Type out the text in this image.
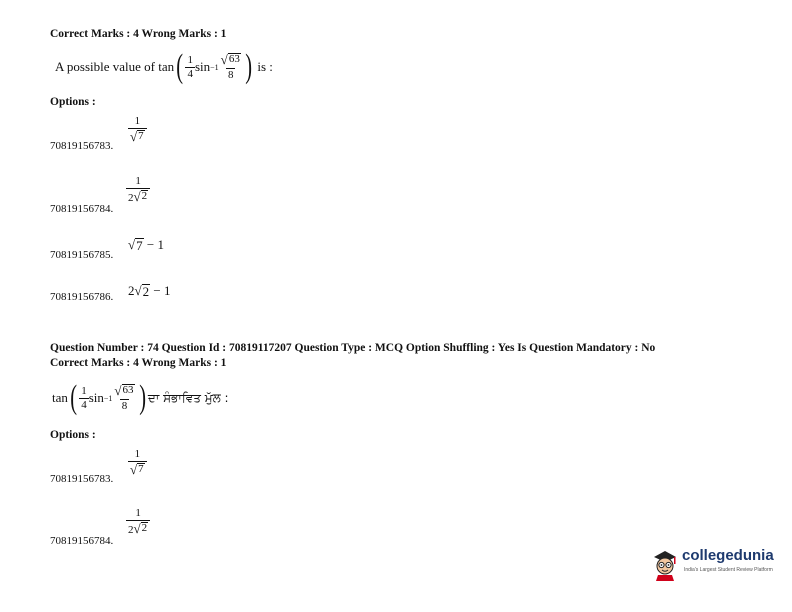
Correct Marks : 4 Wrong Marks : 1
A possible value of
tan ( $\frac{1}{4}$ $\sin -1 \frac{√ 63}{8}$ )
is :
Options :
70819156783.
$\frac{1}{√ 7}$
70819156784.
$\frac{1}{2 √ 2}$
70819156785.
√ 7 − 1
70819156786. 2 √ 2 − 1
Question Number : 74 Question Id : 70819117207 Question Type : MCQ Option Shuffling : Yes Is Question Mandatory : No
Correct Marks : 4 Wrong Marks : 1
tan ( $\frac{1}{4}$ $\sin -1 \frac{√ 63}{8}$ ) ਦਾ ਸੰਭਾਵਿਤ ਮੁੱਲ :
Options :
70819156783.
$\frac{1}{√ 7}$
70819156784.
$\frac{1}{2 √ 2}$
collegedunia
India's Largest Student Review Platform
